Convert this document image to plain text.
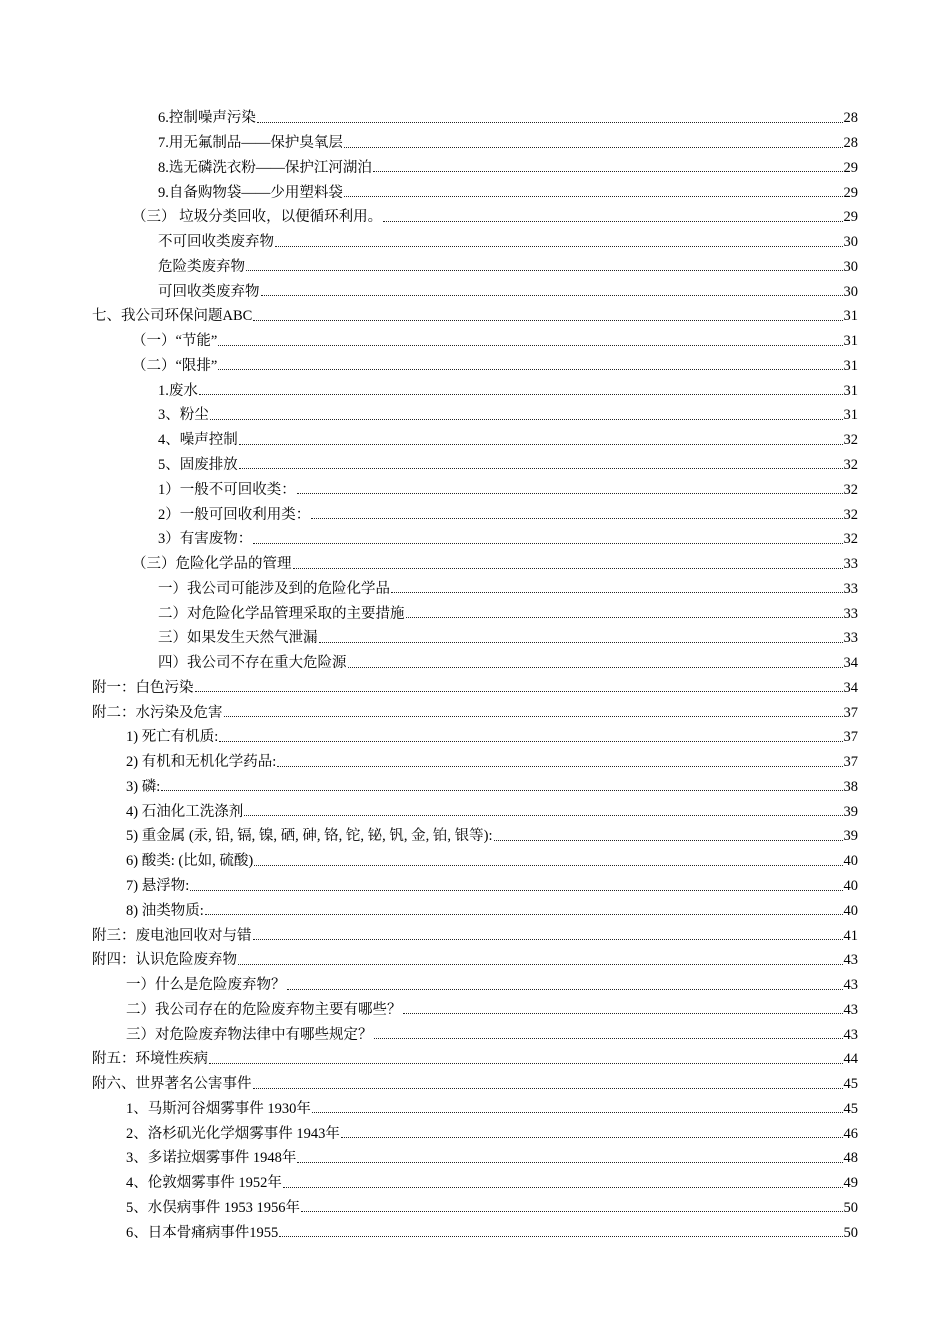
6.控制噪声污染	28
7.用无氟制品——保护臭氧层	28
8.选无磷洗衣粉——保护江河湖泊	29
9.自备购物袋——少用塑料袋	29
（三） 垃圾分类回收，以便循环利用。	29
不可回收类废弃物	30
危险类废弃物	30
可回收类废弃物	30
七、我公司环保问题ABC	31
（一）“节能”	31
（二）“限排”	31
1.废水	31
3、粉尘	31
4、噪声控制	32
5、固废排放	32
1）一般不可回收类：	32
2）一般可回收利用类：	32
3）有害废物：	32
（三）危险化学品的管理	33
一）我公司可能涉及到的危险化学品	33
二）对危险化学品管理采取的主要措施	33
三）如果发生天然气泄漏	33
四）我公司不存在重大危险源	34
附一：白色污染	34
附二：水污染及危害	37
1) 死亡有机质:	37
2) 有机和无机化学药品:	37
3) 磷:	38
4) 石油化工洗涤剂	39
5) 重金属 (汞, 铅, 镉, 镍, 硒, 砷, 铬, 铊, 铋, 钒, 金, 铂, 银等):	39
6) 酸类: (比如, 硫酸)	40
7) 悬浮物:	40
8) 油类物质:	40
附三：废电池回收对与错	41
附四：认识危险废弃物	43
一）什么是危险废弃物？	43
二）我公司存在的危险废弃物主要有哪些？	43
三）对危险废弃物法律中有哪些规定？	43
附五：环境性疾病	44
附六、世界著名公害事件	45
1、马斯河谷烟雾事件 1930年	45
2、洛杉矶光化学烟雾事件 1943年	46
3、多诺拉烟雾事件 1948年	48
4、伦敦烟雾事件 1952年	49
5、水俣病事件 1953 1956年	50
6、日本骨痛病事件1955	50
